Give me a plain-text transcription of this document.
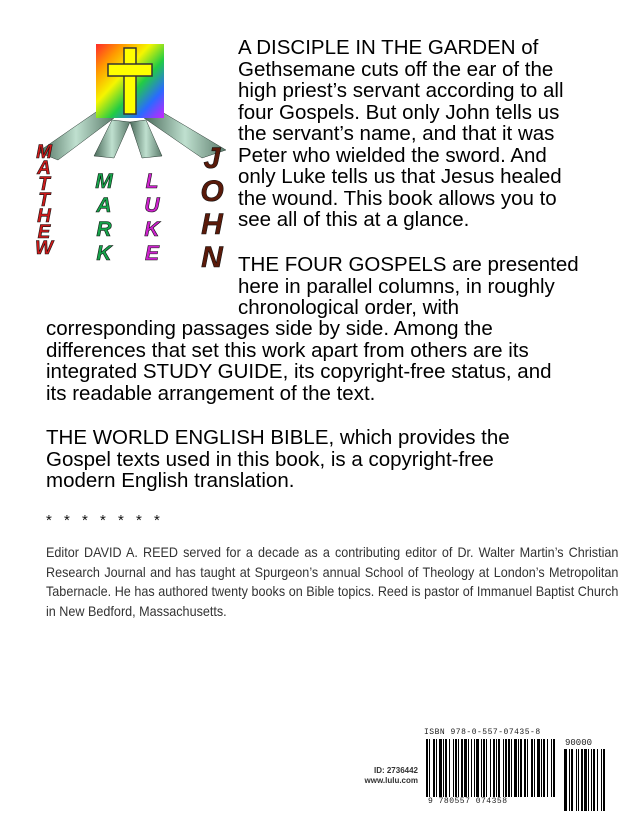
M
A
T
T
H
E
W
M
A
R
K
L
U
K
E
J
O
H
N
A DISCIPLE IN THE GARDEN of
Gethsemane cuts off the ear of the
high priest’s servant according to all
four Gospels. But only John tells us
the servant’s name, and that it was
Peter who wielded the sword. And
only Luke tells us that Jesus healed
the wound. This book allows you to
see all of this at a glance.
THE FOUR GOSPELS are presented
here in parallel columns, in roughly
chronological order, with
corresponding passages side by side. Among the
differences that set this work apart from others are its
integrated STUDY GUIDE, its copyright-free status, and
its readable arrangement of the text.
THE WORLD ENGLISH BIBLE, which provides the
Gospel texts used in this book, is a copyright-free
modern English translation.
* * * * * * *

Editor DAVID A. REED served for a decade as a contributing editor of Dr. Walter Martin’s Christian Research Journal and has taught at Spurgeon’s annual School of Theology at London’s Metropolitan Tabernacle. He has authored twenty books on Bible topics. Reed is pastor of Immanuel Baptist Church in New Bedford, Massachusetts.

ID: 2736442
www.lulu.com
ISBN 978-0-557-07435-8
90000
9 780557 074358
